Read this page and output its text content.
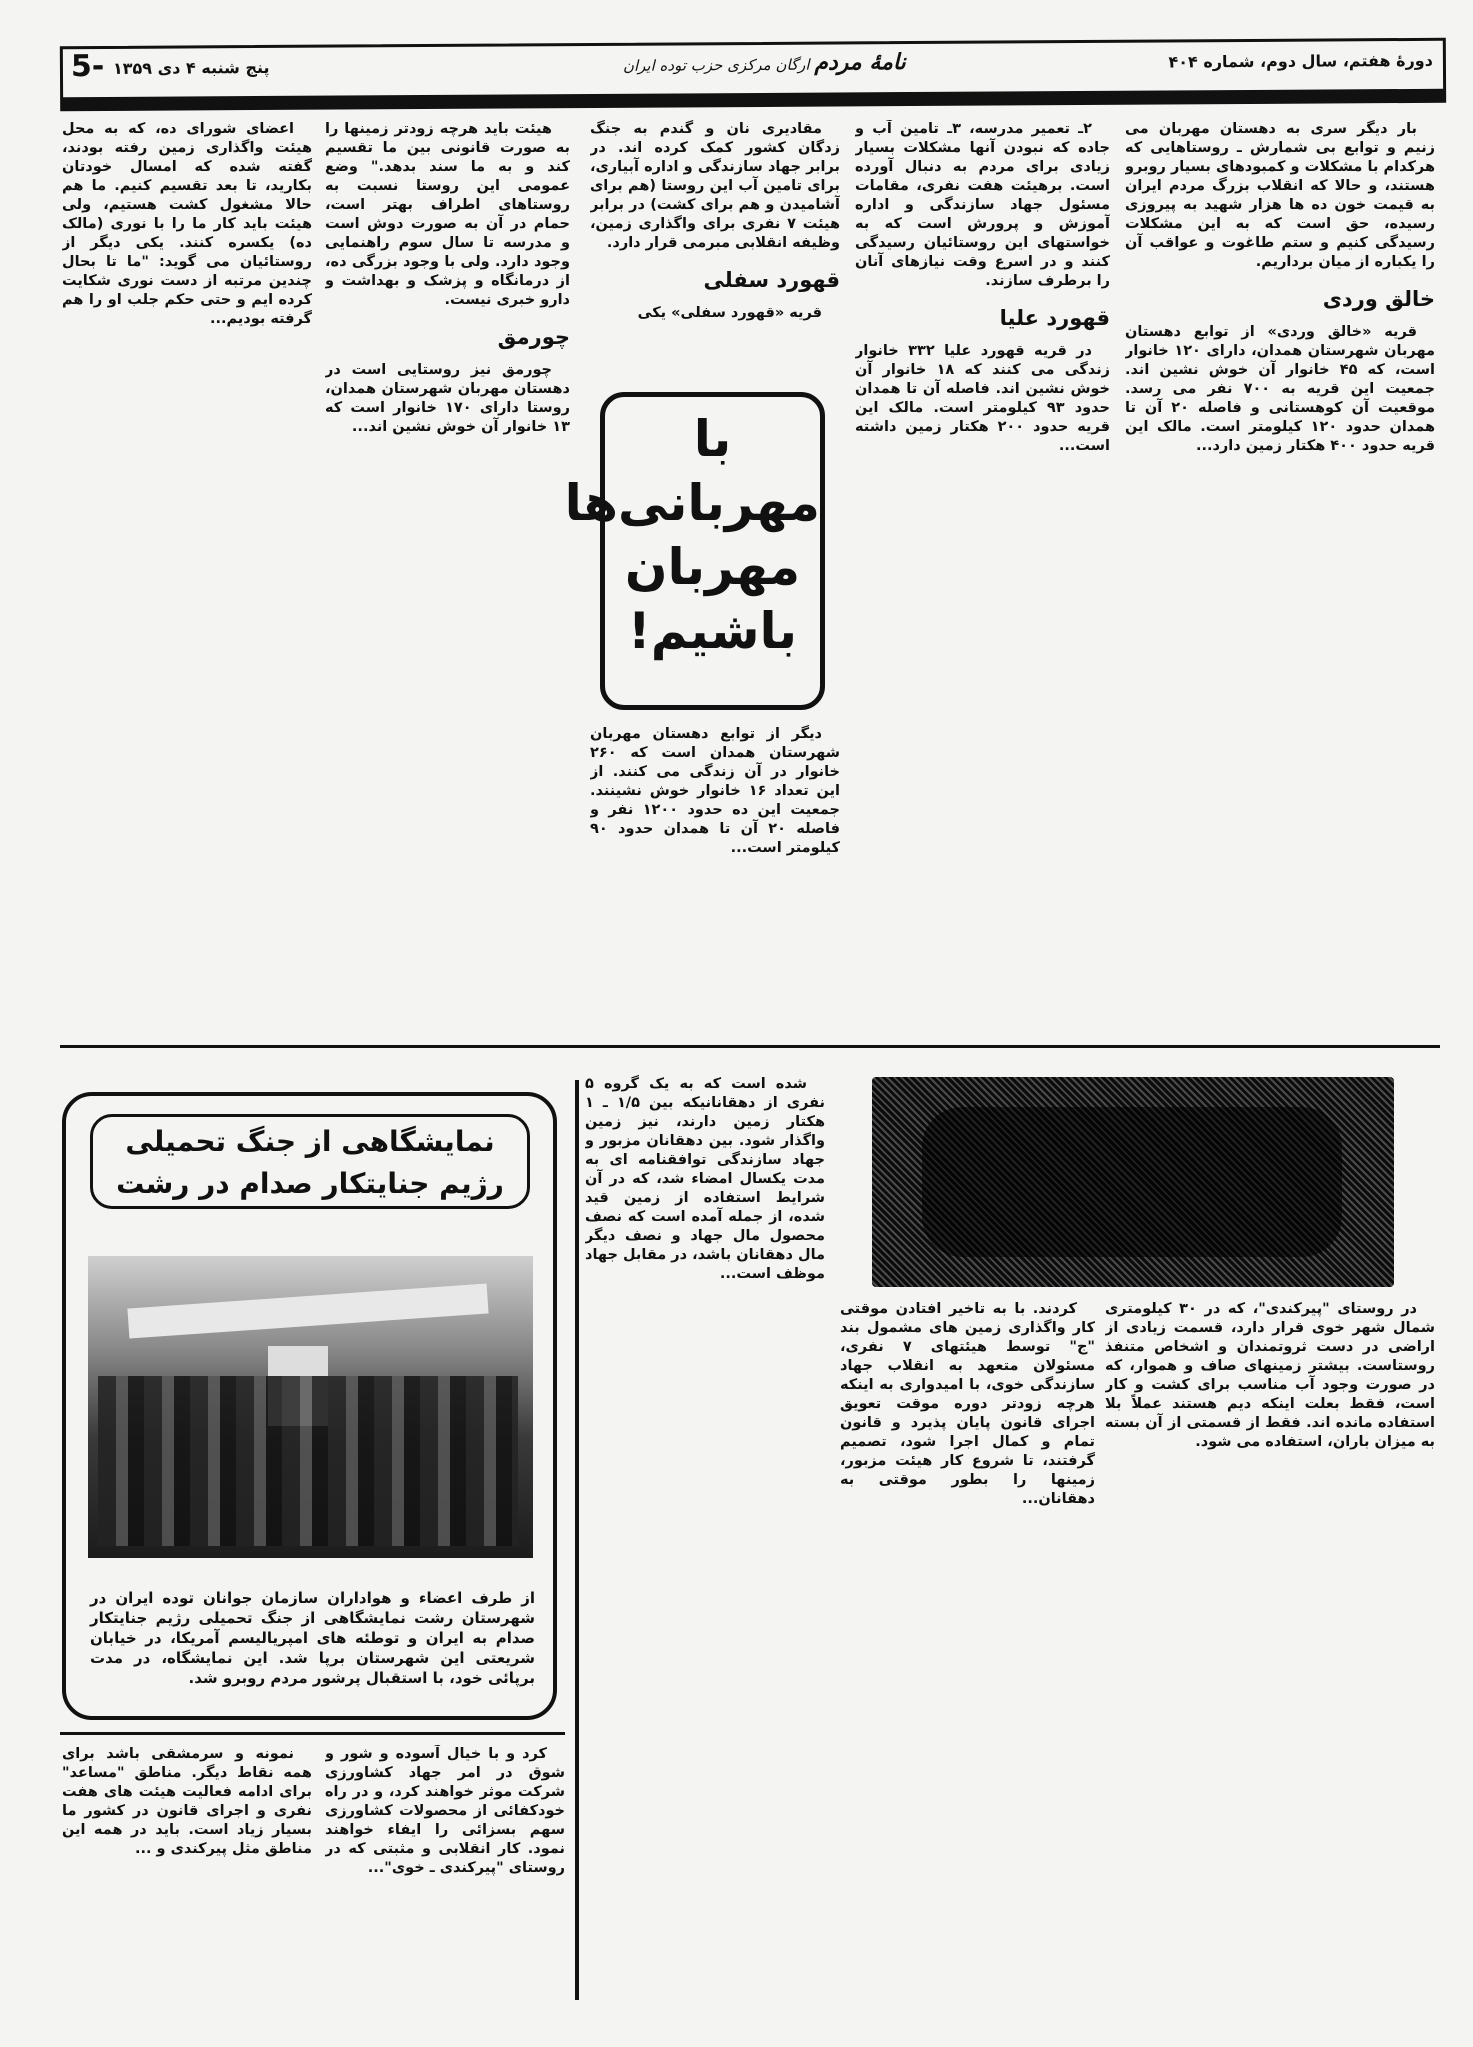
دورهٔ هفتم، سال دوم، شماره ۴۰۴
نامهٔ مردم ارگان مرکزی حزب توده ایران
پنج شنبه ۴ دی ۱۳۵۹
5-

بار دیگر سری به دهستان مهربان می زنیم و توابع بی شمارش ـ روستاهایی که هرکدام با مشکلات و کمبودهای بسیار روبرو هستند، و حالا که انقلاب بزرگ مردم ایران به قیمت خون ده ها هزار شهید به پیروزی رسیده، حق است که به این مشکلات رسیدگی کنیم و ستم طاغوت و عواقب آن را یکباره از میان برداریم.

خالق وردی

قریه «خالق وردی» از توابع دهستان مهربان شهرستان همدان، دارای ۱۲۰ خانوار است، که ۴۵ خانوار آن خوش نشین اند. جمعیت این قریه به ۷۰۰ نفر می رسد. موقعیت آن کوهستانی و فاصله ۲۰ آن تا همدان حدود ۱۲۰ کیلومتر است. مالک این قریه حدود ۴۰۰ هکتار زمین دارد...

۲ـ تعمیر مدرسه، ۳ـ تامین آب و جاده که نبودن آنها مشکلات بسیار زیادی برای مردم به دنبال آورده است. برهیئت هفت نفری، مقامات مسئول جهاد سازندگی و اداره آموزش و پرورش است که به خواستهای این روستائیان رسیدگی کنند و در اسرع وقت نیازهای آنان را برطرف سازند.

قهورد علیا

در قریه قهورد علیا ۳۳۲ خانوار زندگی می کنند که ۱۸ خانوار آن خوش نشین اند. فاصله آن تا همدان حدود ۹۳ کیلومتر است. مالک این قریه حدود ۲۰۰ هکتار زمین داشته است...

مقادیری نان و گندم به جنگ زدگان کشور کمک کرده اند. در برابر جهاد سازندگی و اداره آبیاری، برای تامین آب این روستا (هم برای آشامیدن و هم برای کشت) در برابر هیئت ۷ نفری برای واگذاری زمین، وظیفه انقلابی مبرمی قرار دارد.

قهورد سفلی

قریه «قهورد سفلی» یکی

با مهربانی‌ها مهربان باشیم!

دیگر از توابع دهستان مهربان شهرستان همدان است که ۲۶۰ خانوار در آن زندگی می کنند. از این تعداد ۱۶ خانوار خوش نشینند. جمعیت این ده حدود ۱۲۰۰ نفر و فاصله ۲۰ آن تا همدان حدود ۹۰ کیلومتر است...

هیئت باید هرچه زودتر زمینها را به صورت قانونی بین ما تقسیم کند و به ما سند بدهد." وضع عمومی این روستا نسبت به روستاهای اطراف بهتر است، حمام در آن به صورت دوش است و مدرسه تا سال سوم راهنمایی وجود دارد. ولی با وجود بزرگی ده، از درمانگاه و پزشک و بهداشت و دارو خبری نیست.

چورمق

چورمق نیز روستایی است در دهستان مهربان شهرستان همدان، روستا دارای ۱۷۰ خانوار است که ۱۳ خانوار آن خوش نشین اند...

اعضای شورای ده، که به محل هیئت واگذاری زمین رفته بودند، گفته شده که امسال خودتان بکارید، تا بعد تقسیم کنیم. ما هم حالا مشغول کشت هستیم، ولی هیئت باید کار ما را با نوری (مالک ده) یکسره کنند. یکی دیگر از روستائیان می گوید: "ما تا بحال چندین مرتبه از دست نوری شکایت کرده ایم و حتی حکم جلب او را هم گرفته بودیم...

در روستای "پیرکندی"، که در ۳۰ کیلومتری شمال شهر خوی قرار دارد، قسمت زیادی از اراضی در دست ثروتمندان و اشخاص متنفذ روستاست. بیشتر زمینهای صاف و هموار، که در صورت وجود آب مناسب برای کشت و کار است، فقط بعلت اینکه دیم هستند عملاً بلا استفاده مانده اند. فقط از قسمتی از آن بسته به میزان باران، استفاده می شود.

کردند. با به تاخیر افتادن موقتی کار واگذاری زمین های مشمول بند "ج" توسط هیئتهای ۷ نفری، مسئولان متعهد به انقلاب جهاد سازندگی خوی، با امیدواری به اینکه هرچه زودتر دوره موقت تعویق اجرای قانون پایان پذیرد و قانون تمام و کمال اجرا شود، تصمیم گرفتند، تا شروع کار هیئت مزبور، زمینها را بطور موقتی به دهقانان...

شده است که به یک گروه ۵ نفری از دهقانانیکه بین ۱/۵ ـ ۱ هکتار زمین دارند، نیز زمین واگذار شود. بین دهقانان مزبور و جهاد سازندگی توافقنامه ای به مدت یکسال امضاء شد، که در آن شرایط استفاده از زمین قید شده، از جمله آمده است که نصف محصول مال جهاد و نصف دیگر مال دهقانان باشد، در مقابل جهاد موظف است...

نمایشگاهی از جنگ تحمیلی
رژیم جنایتکار صدام در رشت
از طرف اعضاء و هواداران سازمان جوانان توده ایران در شهرستان رشت نمایشگاهی از جنگ تحمیلی رژیم جنایتکار صدام به ایران و توطئه های امپریالیسم آمریکا، در خیابان شریعتی این شهرستان برپا شد. این نمایشگاه، در مدت برپائی خود، با استقبال پرشور مردم روبرو شد.

کرد و با خیال آسوده و شور و شوق در امر جهاد کشاورزی شرکت موثر خواهند کرد، و در راه خودکفائی از محصولات کشاورزی سهم بسزائی را ایفاء خواهند نمود. کار انقلابی و مثبتی که در روستای "پیرکندی ـ خوی"...

نمونه و سرمشقی باشد برای همه نقاط دیگر. مناطق "مساعد" برای ادامه فعالیت هیئت های هفت نفری و اجرای قانون در کشور ما بسیار زیاد است. باید در همه این مناطق مثل پیرکندی و ...
